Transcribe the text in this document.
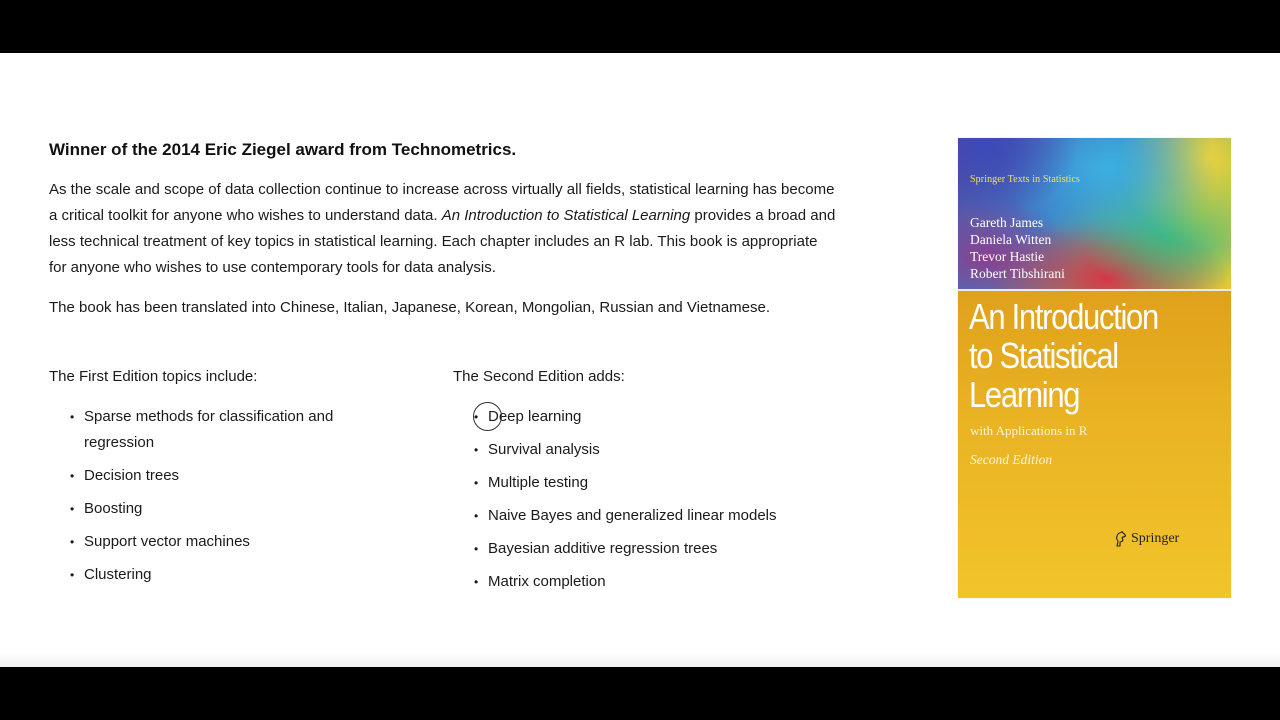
Winner of the 2014 Eric Ziegel award from Technometrics.

As the scale and scope of data collection continue to increase across virtually all fields, statistical learning has become a critical toolkit for anyone who wishes to understand data. An Introduction to Statistical Learning provides a broad and less technical treatment of key topics in statistical learning. Each chapter includes an R lab. This book is appropriate for anyone who wishes to use contemporary tools for data analysis.

The book has been translated into Chinese, Italian, Japanese, Korean, Mongolian, Russian and Vietnamese.

The First Edition topics include:

• Sparse methods for classification and regression
• Decision trees
• Boosting
• Support vector machines
• Clustering

The Second Edition adds:

• Deep learning
• Survival analysis
• Multiple testing
• Naive Bayes and generalized linear models
• Bayesian additive regression trees
• Matrix completion
Springer Texts in Statistics
Gareth James
Daniela Witten
Trevor Hastie
Robert Tibshirani
An Introduction
to Statistical
Learning
with Applications in R
Second Edition
Springer
